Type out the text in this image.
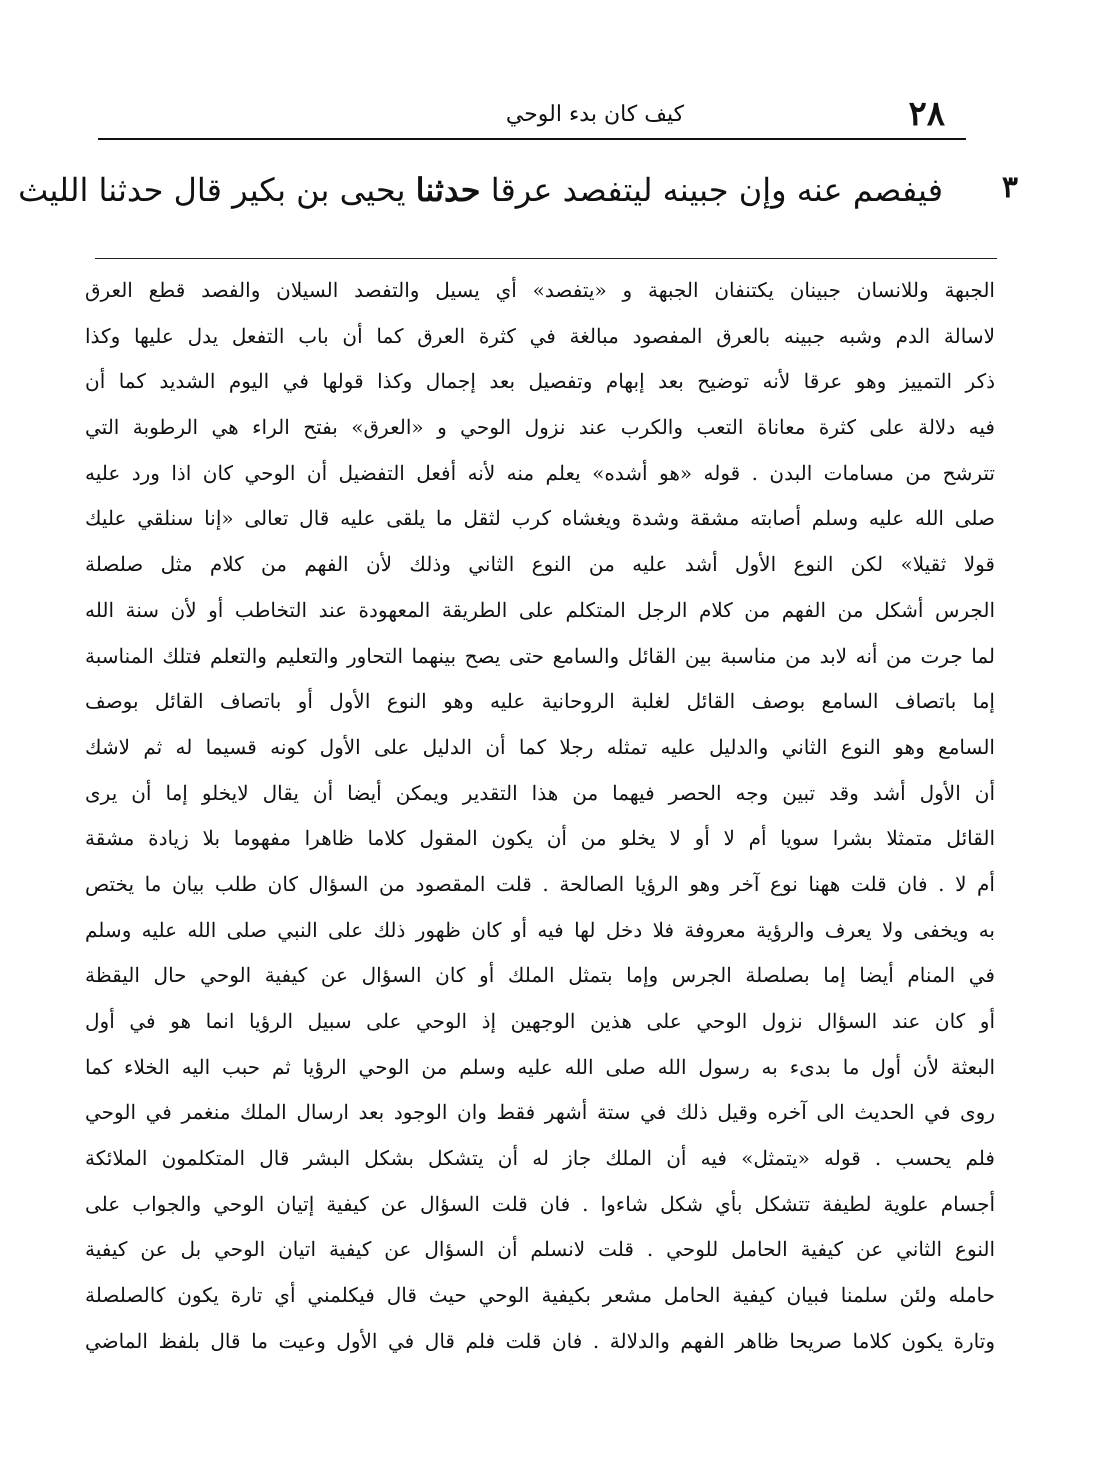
٢٨
كيف كان بدء الوحي
٣
فيفصم عنه وإن جبينه ليتفصد عرقا حدثنا يحيى بن بكير قال حدثنا الليث
الجبهة وللانسان جبينان يكتنفان الجبهة و «يتفصد» أي يسيل والتفصد السيلان والفصد قطع العرق
لاسالة الدم وشبه جبينه بالعرق المفصود مبالغة في كثرة العرق كما أن باب التفعل يدل عليها وكذا
ذكر التمييز وهو عرقا لأنه توضيح بعد إبهام وتفصيل بعد إجمال وكذا قولها في اليوم الشديد كما أن
فيه دلالة على كثرة معاناة التعب والكرب عند نزول الوحي و «العرق» بفتح الراء هي الرطوبة التي
تترشح من مسامات البدن . قوله «هو أشده» يعلم منه لأنه أفعل التفضيل أن الوحي كان اذا ورد عليه
صلى الله عليه وسلم أصابته مشقة وشدة ويغشاه كرب لثقل ما يلقى عليه قال تعالى «إنا سنلقي عليك
قولا ثقيلا» لكن النوع الأول أشد عليه من النوع الثاني وذلك لأن الفهم من كلام مثل صلصلة
الجرس أشكل من الفهم من كلام الرجل المتكلم على الطريقة المعهودة عند التخاطب أو لأن سنة الله
لما جرت من أنه لابد من مناسبة بين القائل والسامع حتى يصح بينهما التحاور والتعليم والتعلم فتلك المناسبة
إما باتصاف السامع بوصف القائل لغلبة الروحانية عليه وهو النوع الأول أو باتصاف القائل بوصف
السامع وهو النوع الثاني والدليل عليه تمثله رجلا كما أن الدليل على الأول كونه قسيما له ثم لاشك
أن الأول أشد وقد تبين وجه الحصر فيهما من هذا التقدير ويمكن أيضا أن يقال لايخلو إما أن يرى
القائل متمثلا بشرا سويا أم لا أو لا يخلو من أن يكون المقول كلاما ظاهرا مفهوما بلا زيادة مشقة
أم لا . فان قلت ههنا نوع آخر وهو الرؤيا الصالحة . قلت المقصود من السؤال كان طلب بيان ما يختص
به ويخفى ولا يعرف والرؤية معروفة فلا دخل لها فيه أو كان ظهور ذلك على النبي صلى الله عليه وسلم
في المنام أيضا إما بصلصلة الجرس وإما بتمثل الملك أو كان السؤال عن كيفية الوحي حال اليقظة
أو كان عند السؤال نزول الوحي على هذين الوجهين إذ الوحي على سبيل الرؤيا انما هو في أول
البعثة لأن أول ما بدىء به رسول الله صلى الله عليه وسلم من الوحي الرؤيا ثم حبب اليه الخلاء كما
روى في الحديث الى آخره وقيل ذلك في ستة أشهر فقط وان الوجود بعد ارسال الملك منغمر في الوحي
فلم يحسب . قوله «يتمثل» فيه أن الملك جاز له أن يتشكل بشكل البشر قال المتكلمون الملائكة
أجسام علوية لطيفة تتشكل بأي شكل شاءوا . فان قلت السؤال عن كيفية إتيان الوحي والجواب على
النوع الثاني عن كيفية الحامل للوحي . قلت لانسلم أن السؤال عن كيفية اتيان الوحي بل عن كيفية
حامله ولئن سلمنا فبيان كيفية الحامل مشعر بكيفية الوحي حيث قال فيكلمني أي تارة يكون كالصلصلة
وتارة يكون كلاما صريحا ظاهر الفهم والدلالة . فان قلت فلم قال في الأول وعيت ما قال بلفظ الماضي
